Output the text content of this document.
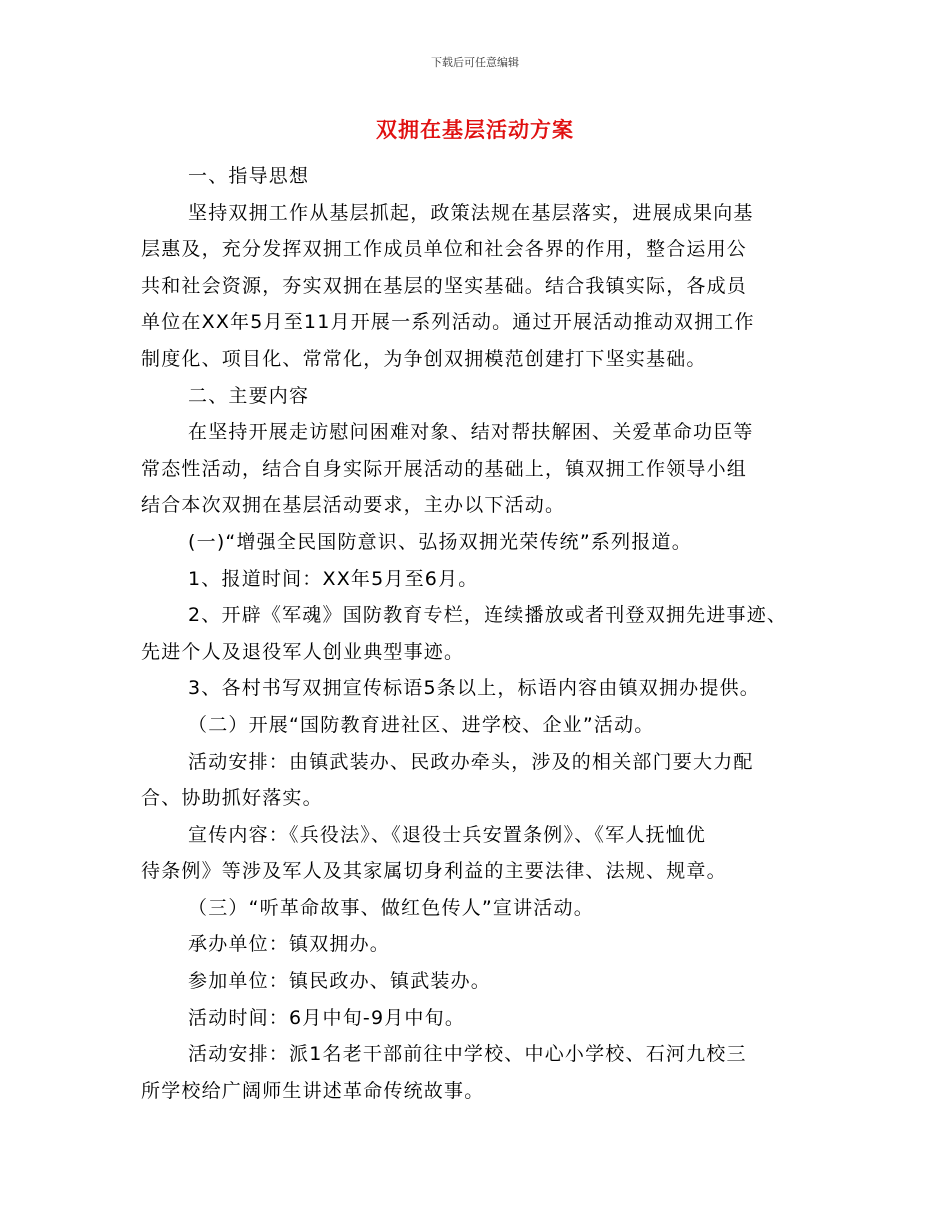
下载后可任意编辑
双拥在基层活动方案
一、指导思想
坚持双拥工作从基层抓起，政策法规在基层落实，进展成果向基
层惠及，充分发挥双拥工作成员单位和社会各界的作用，整合运用公
共和社会资源，夯实双拥在基层的坚实基础。结合我镇实际，各成员
单位在XX年5月至11月开展一系列活动。通过开展活动推动双拥工作
制度化、项目化、常常化，为争创双拥模范创建打下坚实基础。
二、主要内容
在坚持开展走访慰问困难对象、结对帮扶解困、关爱革命功臣等
常态性活动，结合自身实际开展活动的基础上，镇双拥工作领导小组
结合本次双拥在基层活动要求，主办以下活动。
(一)“增强全民国防意识、弘扬双拥光荣传统”系列报道。
1、报道时间：XX年5月至6月。
2、开辟《军魂》国防教育专栏，连续播放或者刊登双拥先进事迹、
先进个人及退役军人创业典型事迹。
3、各村书写双拥宣传标语5条以上，标语内容由镇双拥办提供。
（二）开展“国防教育进社区、进学校、企业”活动。
活动安排：由镇武装办、民政办牵头，涉及的相关部门要大力配
合、协助抓好落实。
宣传内容：《兵役法》、《退役士兵安置条例》、《军人抚恤优
待条例》等涉及军人及其家属切身利益的主要法律、法规、规章。
（三）“听革命故事、做红色传人”宣讲活动。
承办单位：镇双拥办。
参加单位：镇民政办、镇武装办。
活动时间：6月中旬-9月中旬。
活动安排：派1名老干部前往中学校、中心小学校、石河九校三
所学校给广阔师生讲述革命传统故事。
